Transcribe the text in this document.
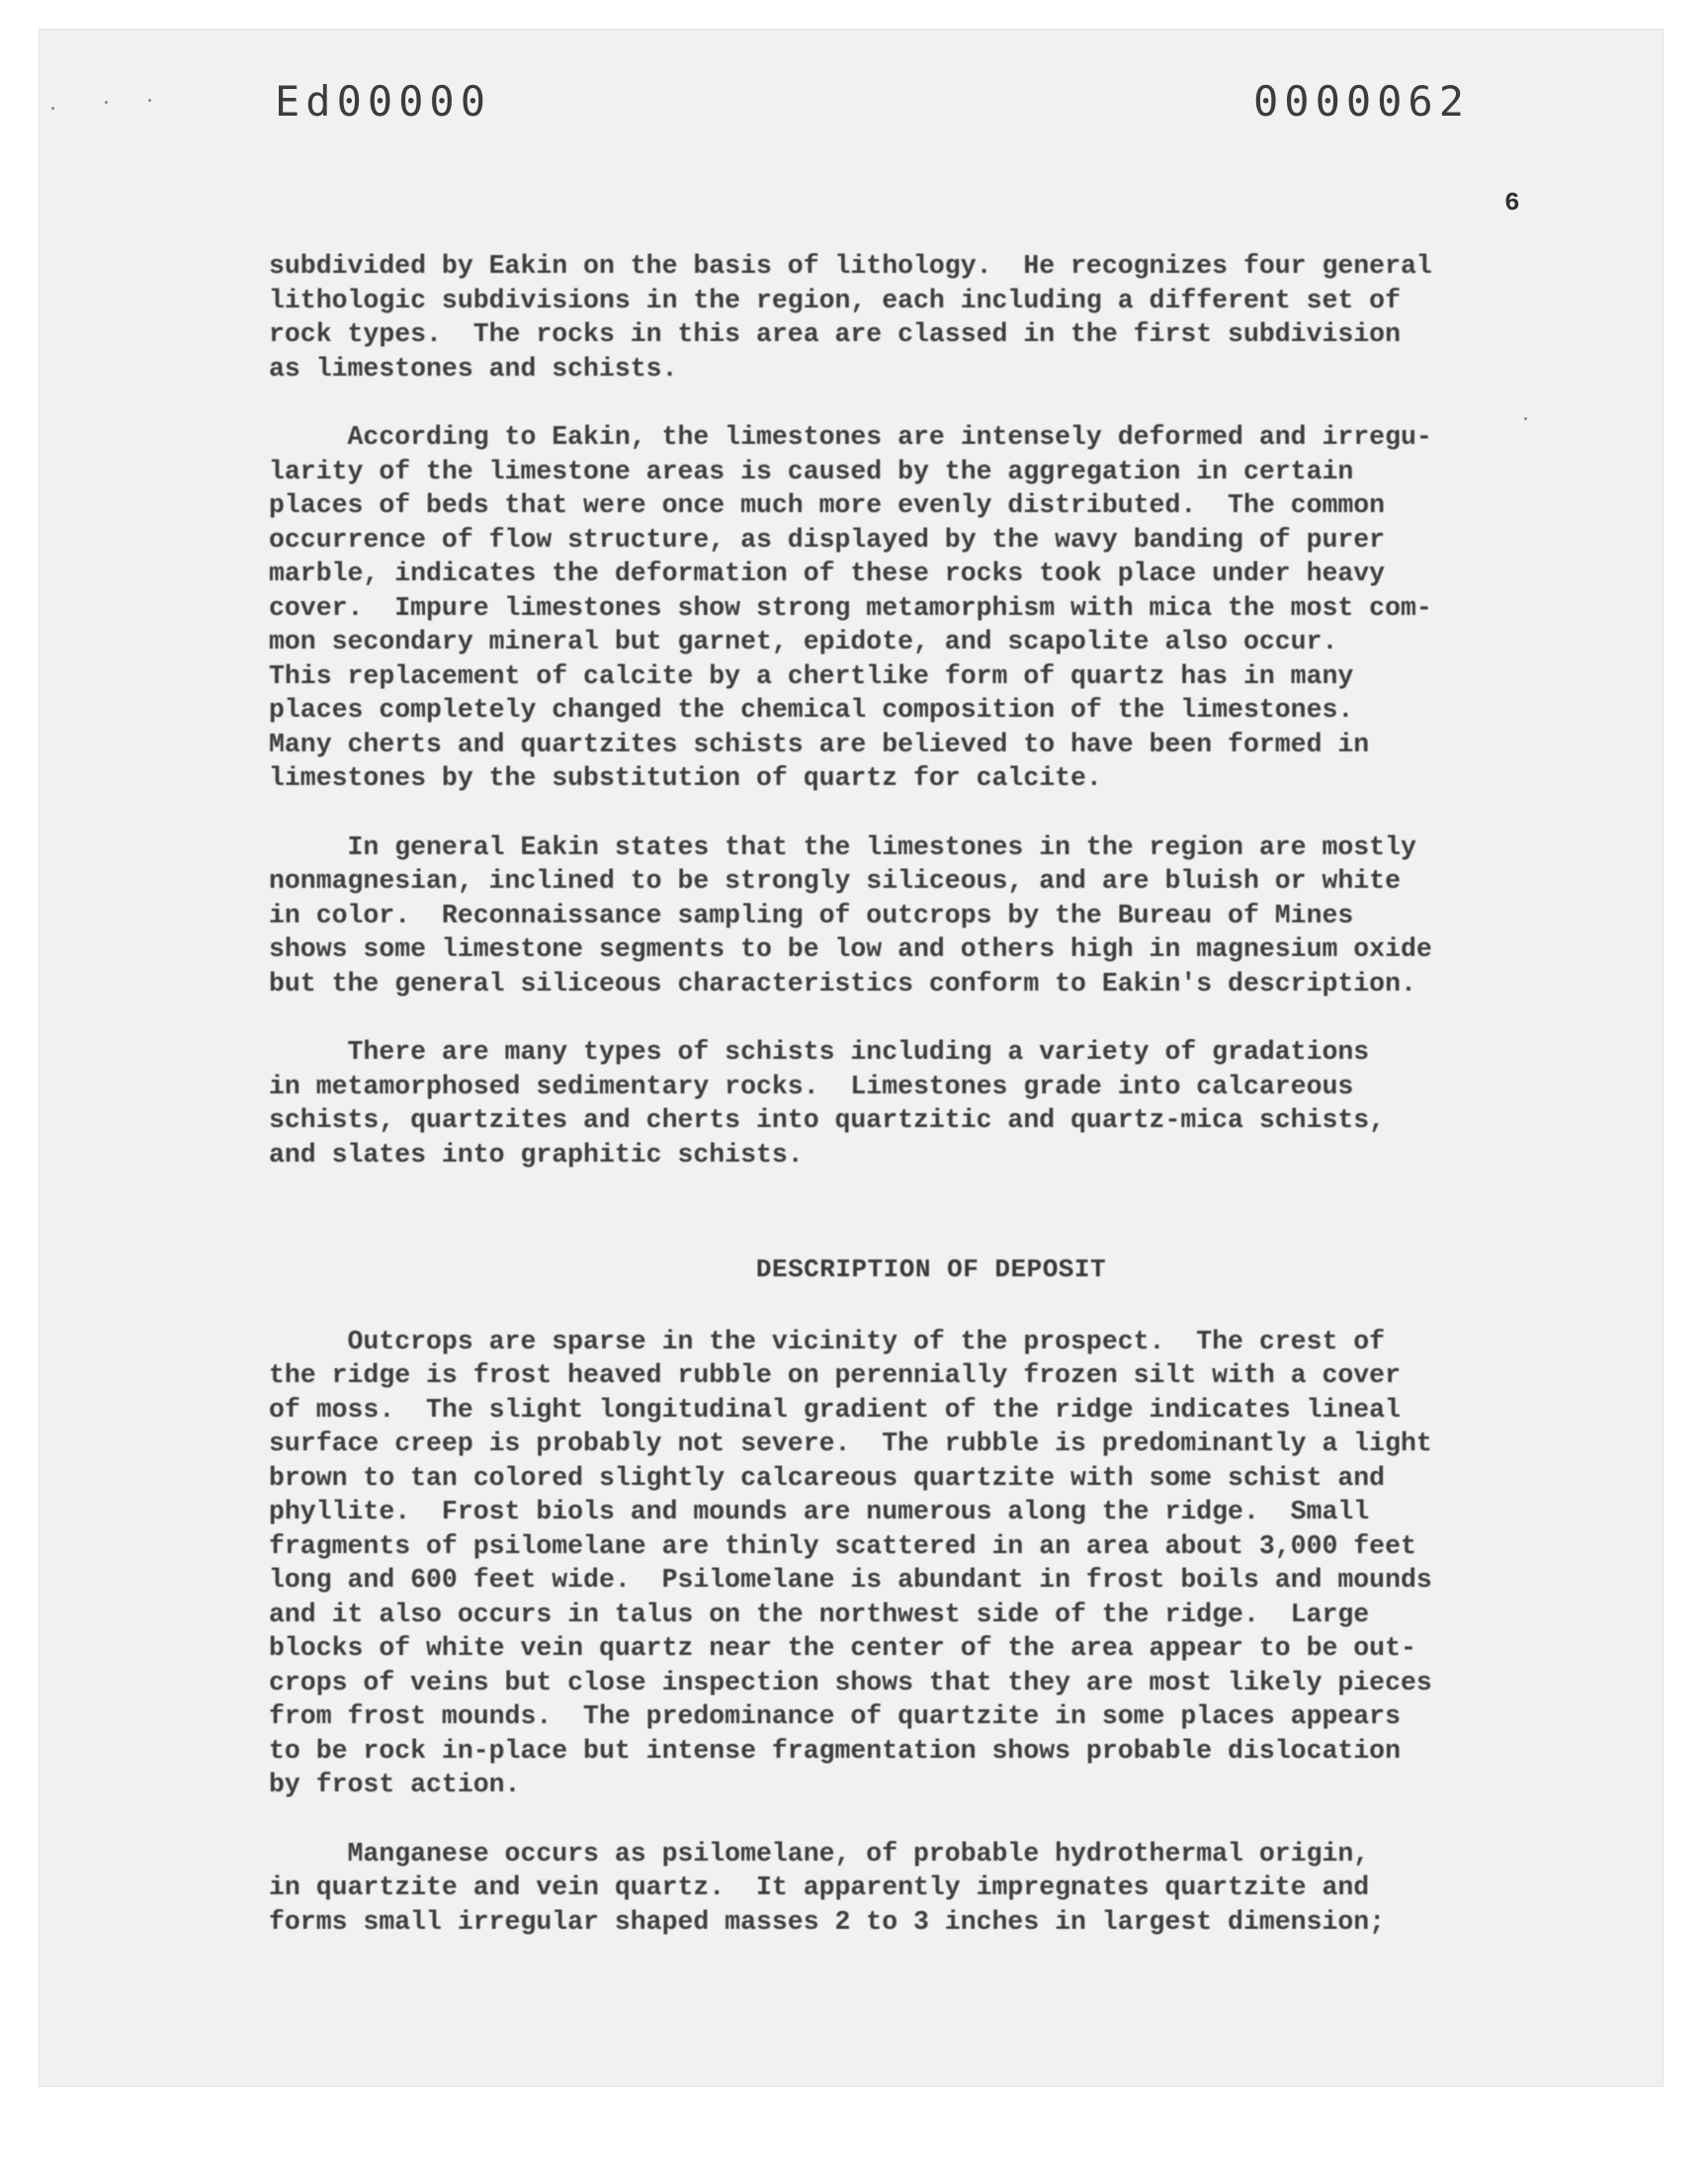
Ed00000	0000062
6
subdivided by Eakin on the basis of lithology.  He recognizes four general
lithologic subdivisions in the region, each including a different set of
rock types.  The rocks in this area are classed in the first subdivision
as limestones and schists.
According to Eakin, the limestones are intensely deformed and irregu-
larity of the limestone areas is caused by the aggregation in certain
places of beds that were once much more evenly distributed.  The common
occurrence of flow structure, as displayed by the wavy banding of purer
marble, indicates the deformation of these rocks took place under heavy
cover.  Impure limestones show strong metamorphism with mica the most com-
mon secondary mineral but garnet, epidote, and scapolite also occur.
This replacement of calcite by a chertlike form of quartz has in many
places completely changed the chemical composition of the limestones.
Many cherts and quartzites schists are believed to have been formed in
limestones by the substitution of quartz for calcite.
In general Eakin states that the limestones in the region are mostly
nonmagnesian, inclined to be strongly siliceous, and are bluish or white
in color.  Reconnaissance sampling of outcrops by the Bureau of Mines
shows some limestone segments to be low and others high in magnesium oxide
but the general siliceous characteristics conform to Eakin's description.
There are many types of schists including a variety of gradations
in metamorphosed sedimentary rocks.  Limestones grade into calcareous
schists, quartzites and cherts into quartzitic and quartz-mica schists,
and slates into graphitic schists.
DESCRIPTION OF DEPOSIT
Outcrops are sparse in the vicinity of the prospect.  The crest of
the ridge is frost heaved rubble on perennially frozen silt with a cover
of moss.  The slight longitudinal gradient of the ridge indicates lineal
surface creep is probably not severe.  The rubble is predominantly a light
brown to tan colored slightly calcareous quartzite with some schist and
phyllite.  Frost biols and mounds are numerous along the ridge.  Small
fragments of psilomelane are thinly scattered in an area about 3,000 feet
long and 600 feet wide.  Psilomelane is abundant in frost boils and mounds
and it also occurs in talus on the northwest side of the ridge.  Large
blocks of white vein quartz near the center of the area appear to be out-
crops of veins but close inspection shows that they are most likely pieces
from frost mounds.  The predominance of quartzite in some places appears
to be rock in-place but intense fragmentation shows probable dislocation
by frost action.
Manganese occurs as psilomelane, of probable hydrothermal origin,
in quartzite and vein quartz.  It apparently impregnates quartzite and
forms small irregular shaped masses 2 to 3 inches in largest dimension;
